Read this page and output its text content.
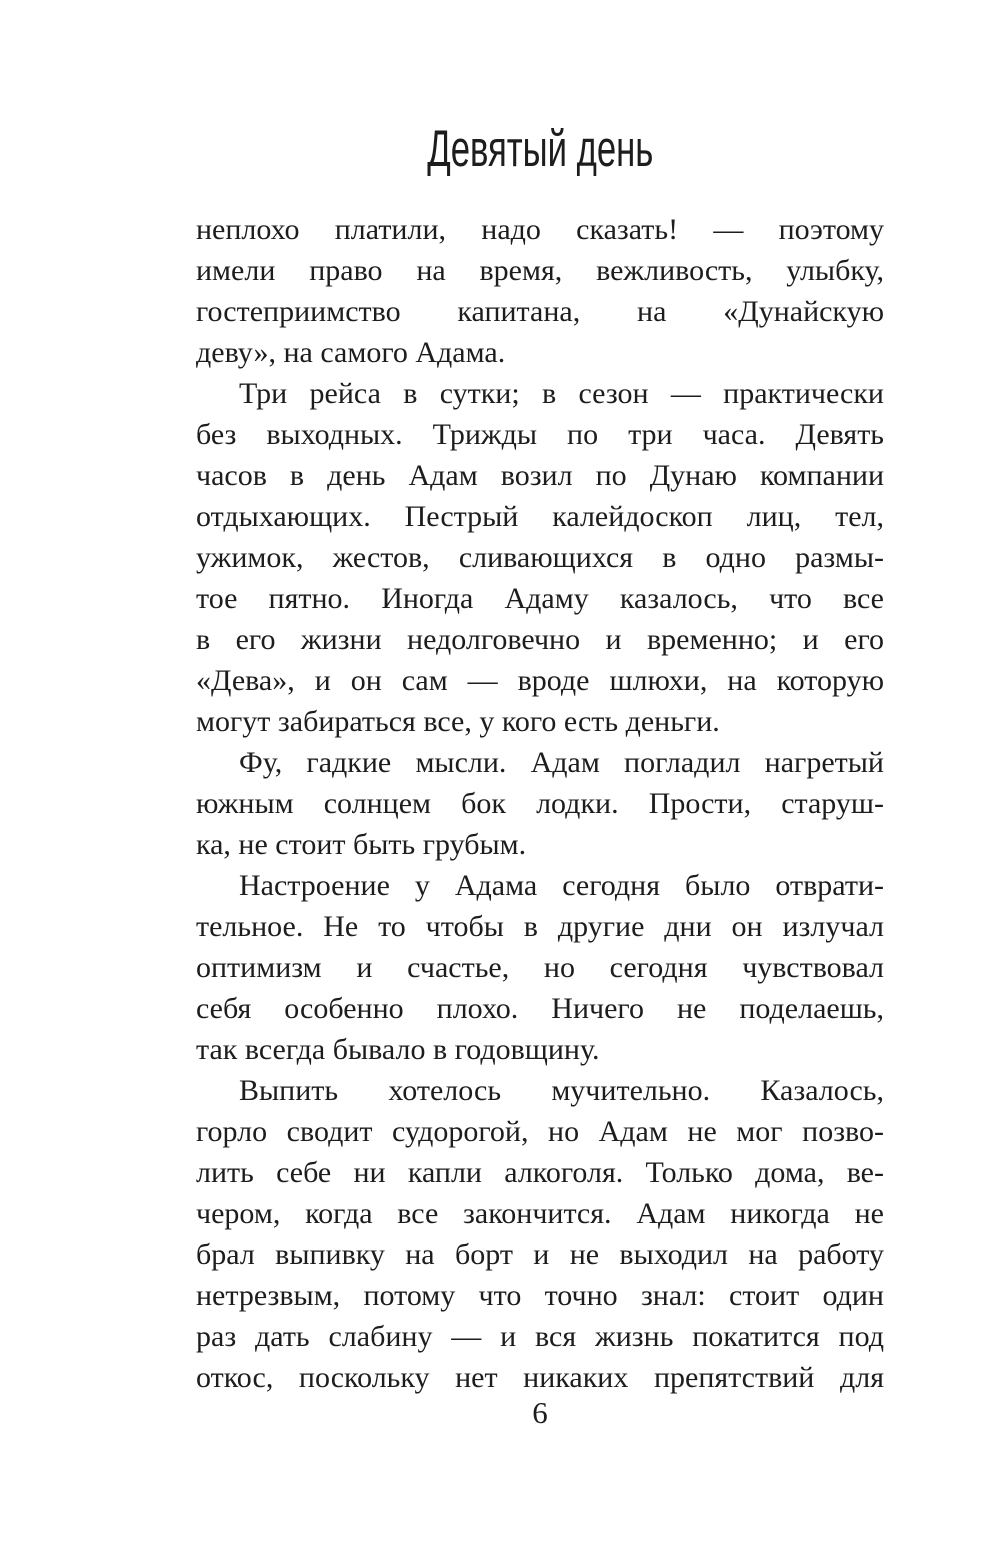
Девятый день
неплохо платили, надо сказать! — поэтому
имели право на время, вежливость, улыбку,
гостеприимство капитана, на «Дунайскую
деву», на самого Адама.
Три рейса в сутки; в сезон — практически
без выходных. Трижды по три часа. Девять
часов в день Адам возил по Дунаю компании
отдыхающих. Пестрый калейдоскоп лиц, тел,
ужимок, жестов, сливающихся в одно размы-
тое пятно. Иногда Адаму казалось, что все
в его жизни недолговечно и временно; и его
«Дева», и он сам — вроде шлюхи, на которую
могут забираться все, у кого есть деньги.
Фу, гадкие мысли. Адам погладил нагретый
южным солнцем бок лодки. Прости, старуш-
ка, не стоит быть грубым.
Настроение у Адама сегодня было отврати-
тельное. Не то чтобы в другие дни он излучал
оптимизм и счастье, но сегодня чувствовал
себя особенно плохо. Ничего не поделаешь,
так всегда бывало в годовщину.
Выпить хотелось мучительно. Казалось,
горло сводит судорогой, но Адам не мог позво-
лить себе ни капли алкоголя. Только дома, ве-
чером, когда все закончится. Адам никогда не
брал выпивку на борт и не выходил на работу
нетрезвым, потому что точно знал: стоит один
раз дать слабину — и вся жизнь покатится под
откос, поскольку нет никаких препятствий для
6
